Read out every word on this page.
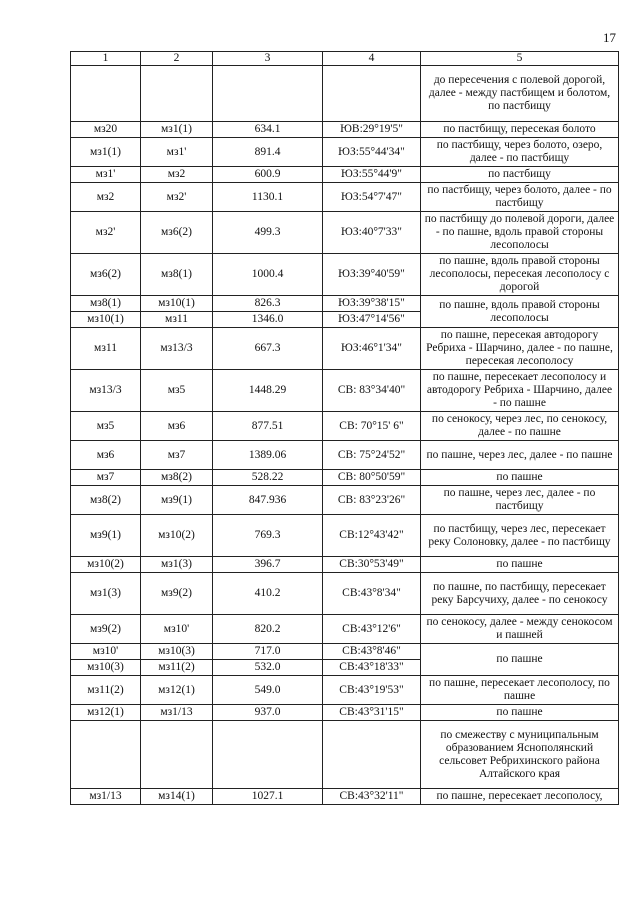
17
1	2	3	4	5
				до пересечения с полевой дорогой, далее - между пастбищем и болотом, по пастбищу
мз20	мз1(1)	634.1	ЮВ:29°19'5"	по пастбищу, пересекая болото
мз1(1)	мз1'	891.4	ЮЗ:55°44'34"	по пастбищу, через болото, озеро, далее - по пастбищу
мз1'	мз2	600.9	ЮЗ:55°44'9"	по пастбищу
мз2	мз2'	1130.1	ЮЗ:54°7'47"	по пастбищу, через болото, далее - по пастбищу
мз2'	мз6(2)	499.3	ЮЗ:40°7'33"	по пастбищу до полевой дороги, далее - по пашне, вдоль правой стороны лесополосы
мз6(2)	мз8(1)	1000.4	ЮЗ:39°40'59"	по пашне, вдоль правой стороны лесополосы, пересекая лесополосу с дорогой
мз8(1)	мз10(1)	826.3	ЮЗ:39°38'15"	по пашне, вдоль правой стороны лесополосы
мз10(1)	мз11	1346.0	ЮЗ:47°14'56"	
мз11	мз13/3	667.3	ЮЗ:46°1'34"	по пашне, пересекая автодорогу Ребриха - Шарчино, далее - по пашне, пересекая лесополосу
мз13/3	мз5	1448.29	СВ: 83°34'40"	по пашне, пересекает лесополосу и автодорогу Ребриха - Шарчино, далее - по пашне
мз5	мз6	877.51	СВ: 70°15' 6"	по сенокосу, через лес, по сенокосу, далее - по пашне
мз6	мз7	1389.06	СВ: 75°24'52"	по пашне, через лес, далее - по пашне
мз7	мз8(2)	528.22	СВ: 80°50'59"	по пашне
мз8(2)	мз9(1)	847.936	СВ: 83°23'26"	по пашне, через лес, далее - по пастбищу
мз9(1)	мз10(2)	769.3	СВ:12°43'42"	по пастбищу, через лес, пересекает реку Солоновку, далее - по пастбищу
мз10(2)	мз1(3)	396.7	СВ:30°53'49"	по пашне
мз1(3)	мз9(2)	410.2	СВ:43°8'34"	по пашне, по пастбищу, пересекает реку Барсучиху, далее - по сенокосу
мз9(2)	мз10'	820.2	СВ:43°12'6"	по сенокосу, далее - между сенокосом и пашней
мз10'	мз10(3)	717.0	СВ:43°8'46"	по пашне
мз10(3)	мз11(2)	532.0	СВ:43°18'33"	
мз11(2)	мз12(1)	549.0	СВ:43°19'53"	по пашне, пересекает лесополосу, по пашне
мз12(1)	мз1/13	937.0	СВ:43°31'15"	по пашне
				по смежеству с муниципальным образованием Яснополянский сельсовет Ребрихинского района Алтайского края
мз1/13	мз14(1)	1027.1	СВ:43°32'11"	по пашне, пересекает лесополосу,
